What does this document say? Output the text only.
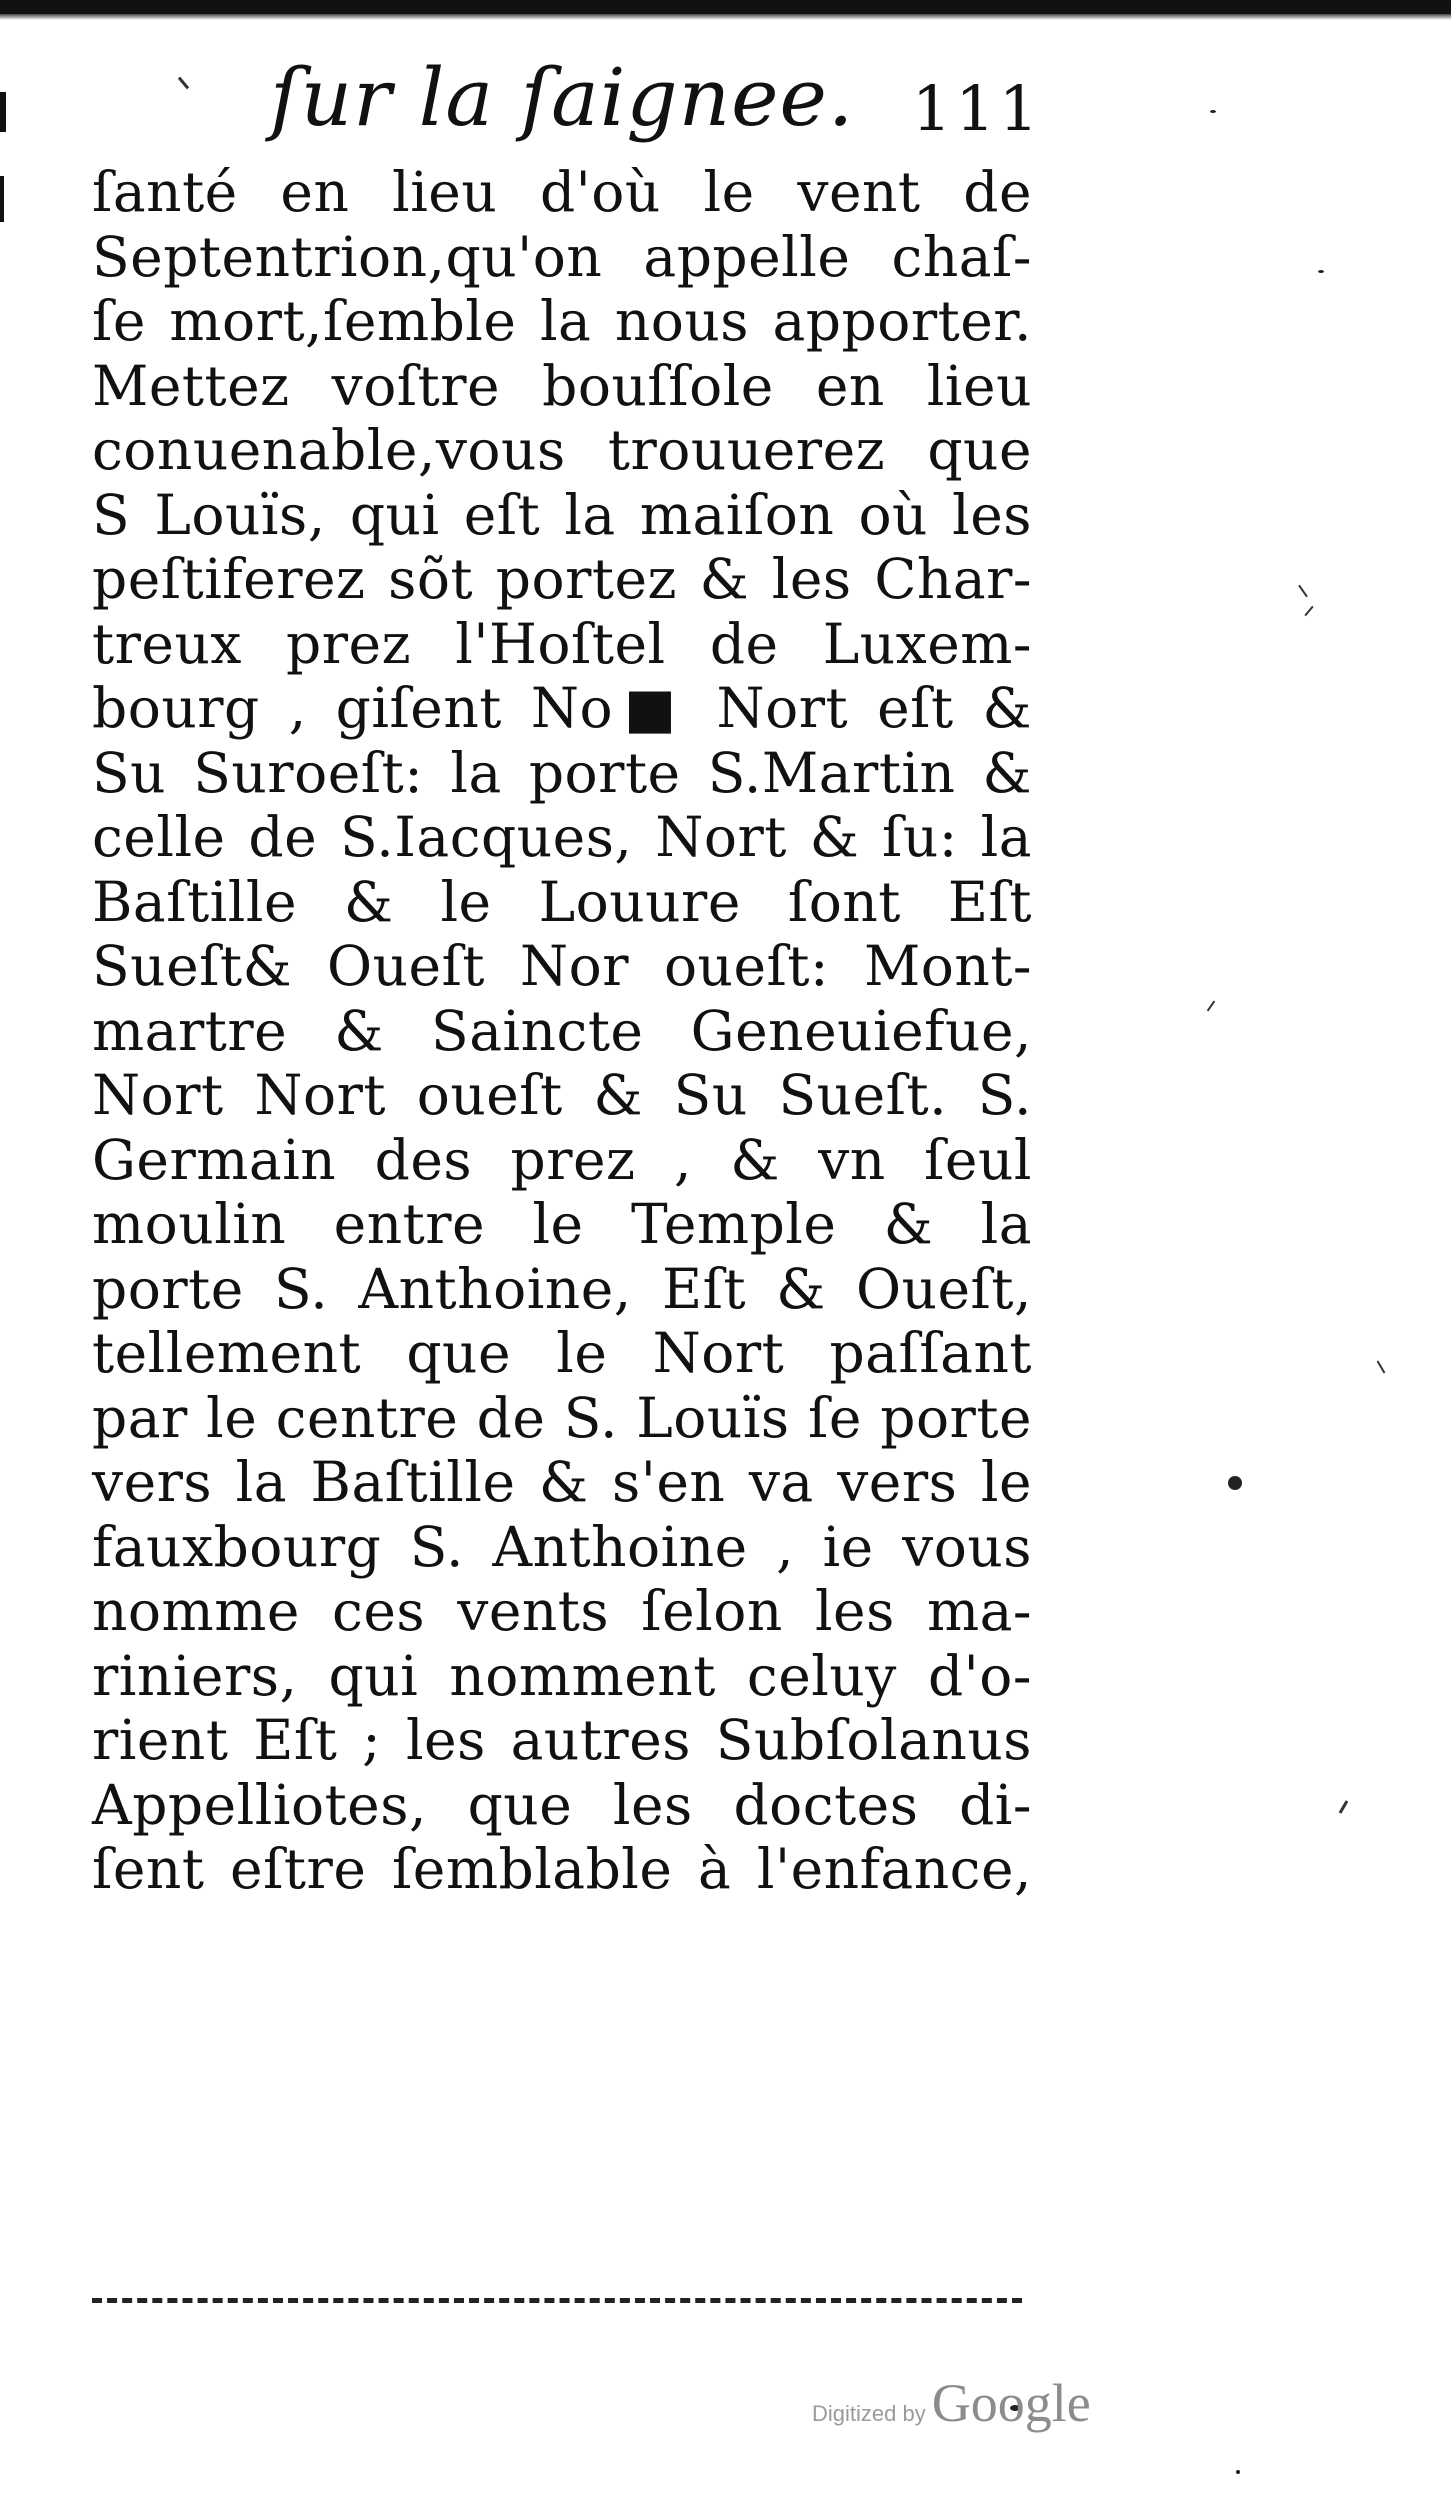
ſur la ſaignee. 111
ſanté en lieu d'où le vent de
Septentrion,qu'on appelle chaſ-
ſe mort,ſemble la nous apporter.
Mettez voſtre bouſſole en lieu
conuenable,vous trouuerez que
S Louïs, qui eſt la maiſon où les
peſtiferez sõt portez & les Char-
treux prez l'Hoſtel de Luxem-
bourg , giſent No■ Nort eſt &
Su Suroeſt: la porte S.Martin &
celle de S.Iacques, Nort & ſu: la
Baſtille & le Louure ſont Eſt
Sueſt& Oueſt Nor oueſt: Mont-
martre & Saincte Geneuiefue,
Nort Nort oueſt & Su Sueſt. S.
Germain des prez , & vn ſeul
moulin entre le Temple & la
porte S. Anthoine, Eſt & Oueſt,
tellement que le Nort paſſant
par le centre de S. Louïs ſe porte
vers la Baſtille & s'en va vers le
fauxbourg S. Anthoine , ie vous
nomme ces vents ſelon les ma-
riniers, qui nomment celuy d'o-
rient Eſt ; les autres Subſolanus
Appelliotes, que les doctes di-
ſent eſtre ſemblable à l'enfance,
Digitized by Google
